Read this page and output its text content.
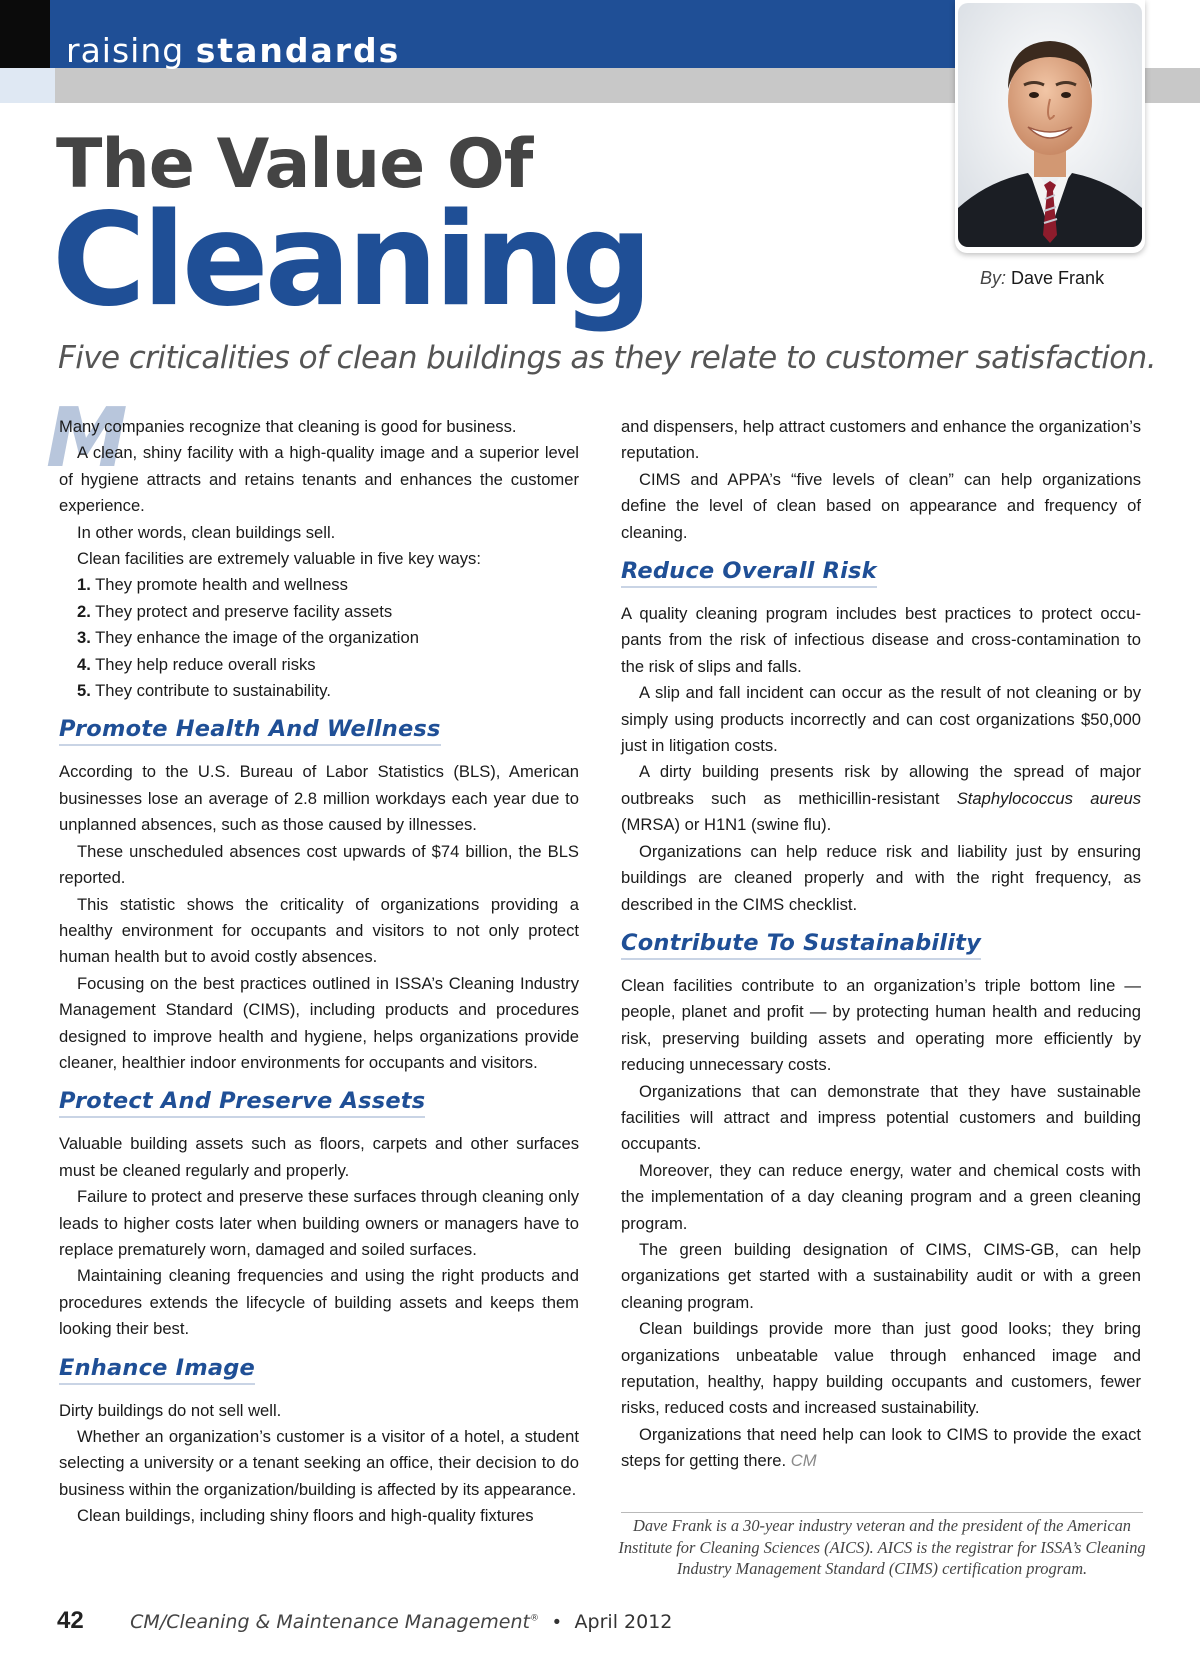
raising standards
By: Dave Frank
The Value Of
Cleaning
Five criticalities of clean buildings as they relate to customer satisfaction.
M

Many companies recognize that cleaning is good for business.

A clean, shiny facility with a high-quality image and a superior level of hygiene attracts and retains tenants and enhances the customer experience.

In other words, clean buildings sell.

Clean facilities are extremely valuable in five key ways:

1. They promote health and wellness

2. They protect and preserve facility assets

3. They enhance the image of the organization

4. They help reduce overall risks

5. They contribute to sustainability.

Promote Health And Wellness

According to the U.S. Bureau of Labor Statistics (BLS), American businesses lose an average of 2.8 million workdays each year due to unplanned absences, such as those caused by illnesses.

These unscheduled absences cost upwards of $74 billion, the BLS reported.

This statistic shows the criticality of organizations providing a healthy environment for occupants and visitors to not only protect human health but to avoid costly absences.

Focusing on the best practices outlined in ISSA’s Cleaning Industry Management Standard (CIMS), including products and procedures designed to improve health and hygiene, helps organizations provide cleaner, healthier indoor environments for occupants and visitors.

Protect And Preserve Assets

Valuable building assets such as floors, carpets and other surfaces must be cleaned regularly and properly.

Failure to protect and preserve these surfaces through cleaning only leads to higher costs later when building owners or managers have to replace prematurely worn, damaged and soiled surfaces.

Maintaining cleaning frequencies and using the right products and procedures extends the lifecycle of building assets and keeps them looking their best.

Enhance Image

Dirty buildings do not sell well.

Whether an organization’s customer is a visitor of a hotel, a student selecting a university or a tenant seeking an office, their decision to do business within the organization/building is affected by its appearance.

Clean buildings, including shiny floors and high-quality fixtures

and dispensers, help attract customers and enhance the organization’s reputation.

CIMS and APPA’s “five levels of clean” can help organizations define the level of clean based on appearance and frequency of cleaning.

Reduce Overall Risk

A quality cleaning program includes best practices to protect occupants from the risk of infectious disease and cross-contamination to the risk of slips and falls.

A slip and fall incident can occur as the result of not cleaning or by simply using products incorrectly and can cost organizations $50,000 just in litigation costs.

A dirty building presents risk by allowing the spread of major outbreaks such as methicillin-resistant Staphylococcus aureus (MRSA) or H1N1 (swine flu).

Organizations can help reduce risk and liability just by ensuring buildings are cleaned properly and with the right frequency, as described in the CIMS checklist.

Contribute To Sustainability

Clean facilities contribute to an organization’s triple bottom line — people, planet and profit — by protecting human health and reducing risk, preserving building assets and operating more efficiently by reducing unnecessary costs.

Organizations that can demonstrate that they have sustainable facilities will attract and impress potential customers and building occupants.

Moreover, they can reduce energy, water and chemical costs with the implementation of a day cleaning program and a green cleaning program.

The green building designation of CIMS, CIMS-GB, can help organizations get started with a sustainability audit or with a green cleaning program.

Clean buildings provide more than just good looks; they bring organizations unbeatable value through enhanced image and reputation, healthy, happy building occupants and customers, fewer risks, reduced costs and increased sustainability.

Organizations that need help can look to CIMS to provide the exact steps for getting there. CM

Dave Frank is a 30-year industry veteran and the president of the American Institute for Cleaning Sciences (AICS). AICS is the registrar for ISSA’s Cleaning Industry Management Standard (CIMS) certification program.
42 CM/Cleaning & Maintenance Management® • April 2012
